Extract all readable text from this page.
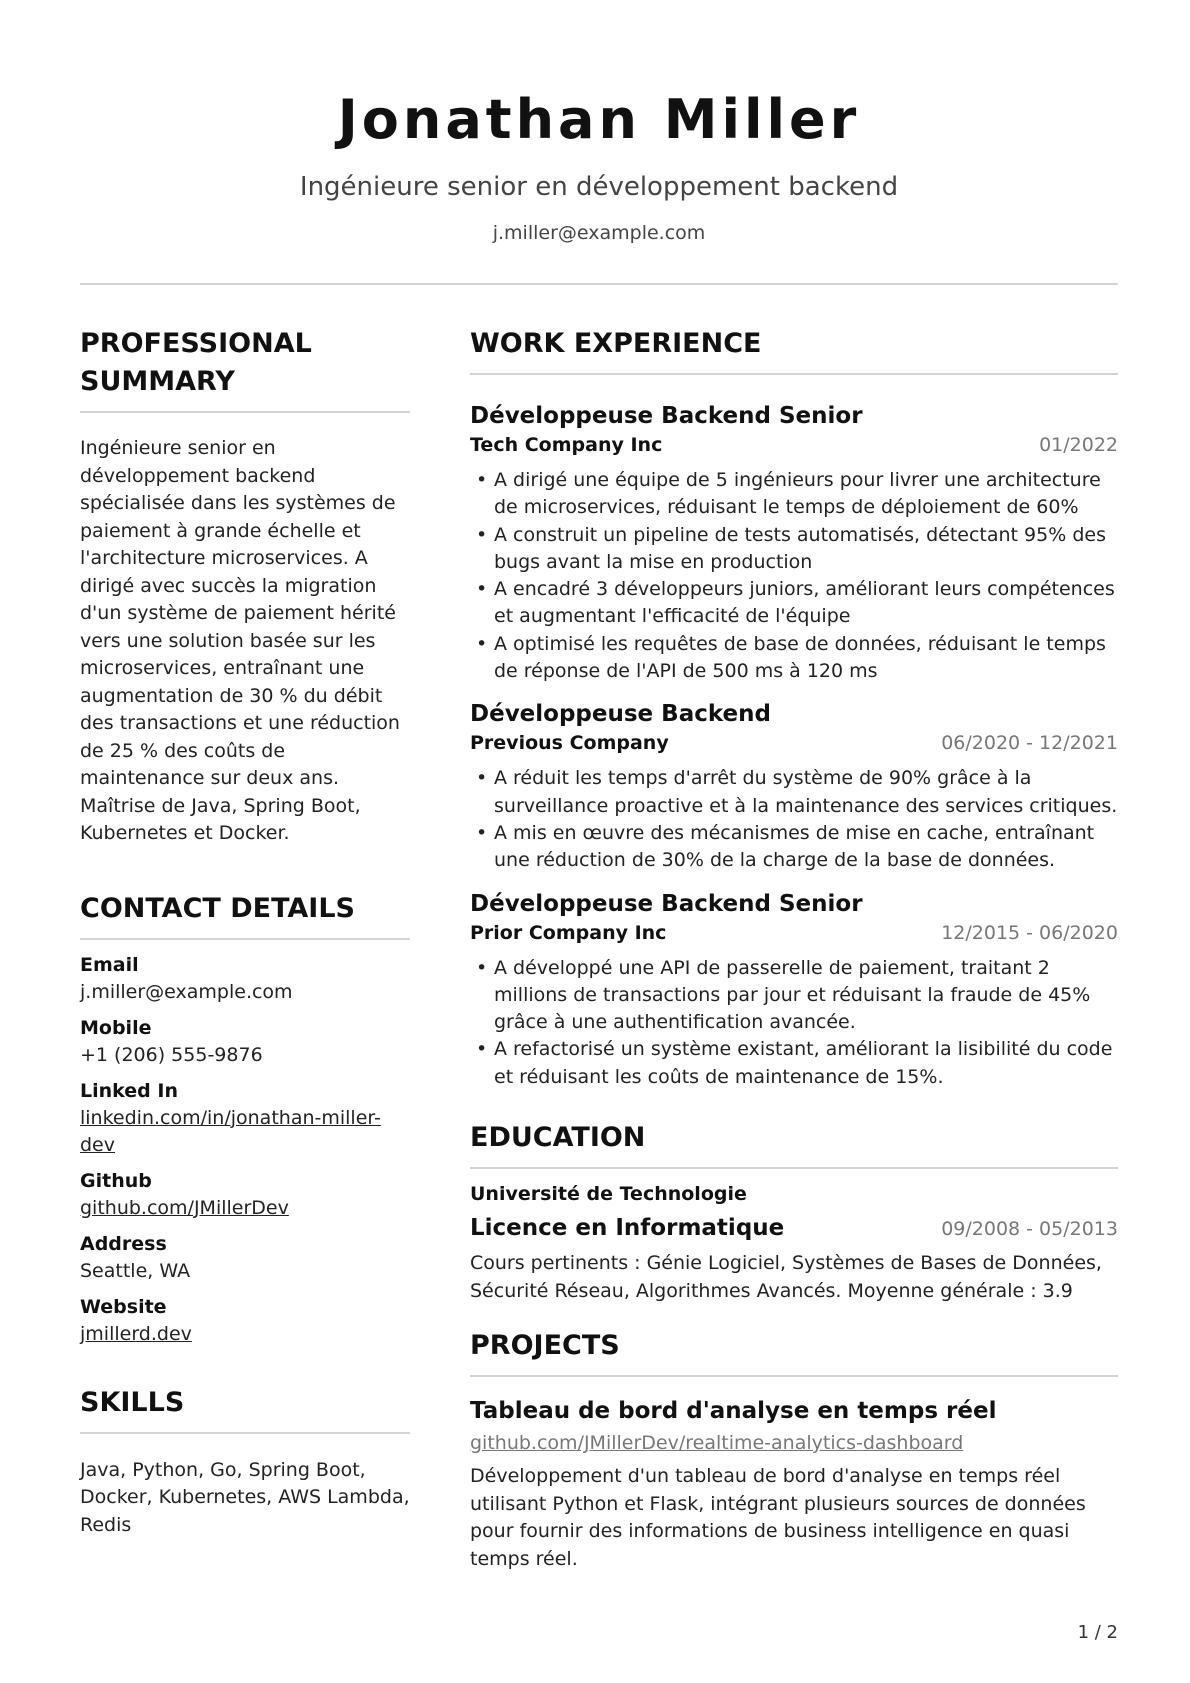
Jonathan Miller
Ingénieure senior en développement backend
j.miller@example.com
PROFESSIONAL SUMMARY

Ingénieure senior en développement backend spécialisée dans les systèmes de paiement à grande échelle et l'architecture microservices. A dirigé avec succès la migration d'un système de paiement hérité vers une solution basée sur les microservices, entraînant une augmentation de 30 % du débit des transactions et une réduction de 25 % des coûts de maintenance sur deux ans. Maîtrise de Java, Spring Boot, Kubernetes et Docker.

CONTACT DETAILS
Email
j.miller@example.com
Mobile
+1 (206) 555-9876
Linked In
linkedin.com/in/jonathan-miller-dev
Github
github.com/JMillerDev
Address
Seattle, WA
Website
jmillerd.dev
SKILLS

Java, Python, Go, Spring Boot, Docker, Kubernetes, AWS Lambda, Redis

WORK EXPERIENCE
Développeuse Backend Senior
Tech Company Inc	01/2022
• A dirigé une équipe de 5 ingénieurs pour livrer une architecture de microservices, réduisant le temps de déploiement de 60%
• A construit un pipeline de tests automatisés, détectant 95% des bugs avant la mise en production
• A encadré 3 développeurs juniors, améliorant leurs compétences et augmentant l'efficacité de l'équipe
• A optimisé les requêtes de base de données, réduisant le temps de réponse de l'API de 500 ms à 120 ms
Développeuse Backend
Previous Company	06/2020 - 12/2021
• A réduit les temps d'arrêt du système de 90% grâce à la surveillance proactive et à la maintenance des services critiques.
• A mis en œuvre des mécanismes de mise en cache, entraînant une réduction de 30% de la charge de la base de données.
Développeuse Backend Senior
Prior Company Inc	12/2015 - 06/2020
• A développé une API de passerelle de paiement, traitant 2 millions de transactions par jour et réduisant la fraude de 45% grâce à une authentification avancée.
• A refactorisé un système existant, améliorant la lisibilité du code et réduisant les coûts de maintenance de 15%.
EDUCATION
Université de Technologie
Licence en Informatique	09/2008 - 05/2013

Cours pertinents : Génie Logiciel, Systèmes de Bases de Données, Sécurité Réseau, Algorithmes Avancés. Moyenne générale : 3.9

PROJECTS
Tableau de bord d'analyse en temps réel
github.com/JMillerDev/realtime-analytics-dashboard

Développement d'un tableau de bord d'analyse en temps réel utilisant Python et Flask, intégrant plusieurs sources de données pour fournir des informations de business intelligence en quasi temps réel.

1 / 2
